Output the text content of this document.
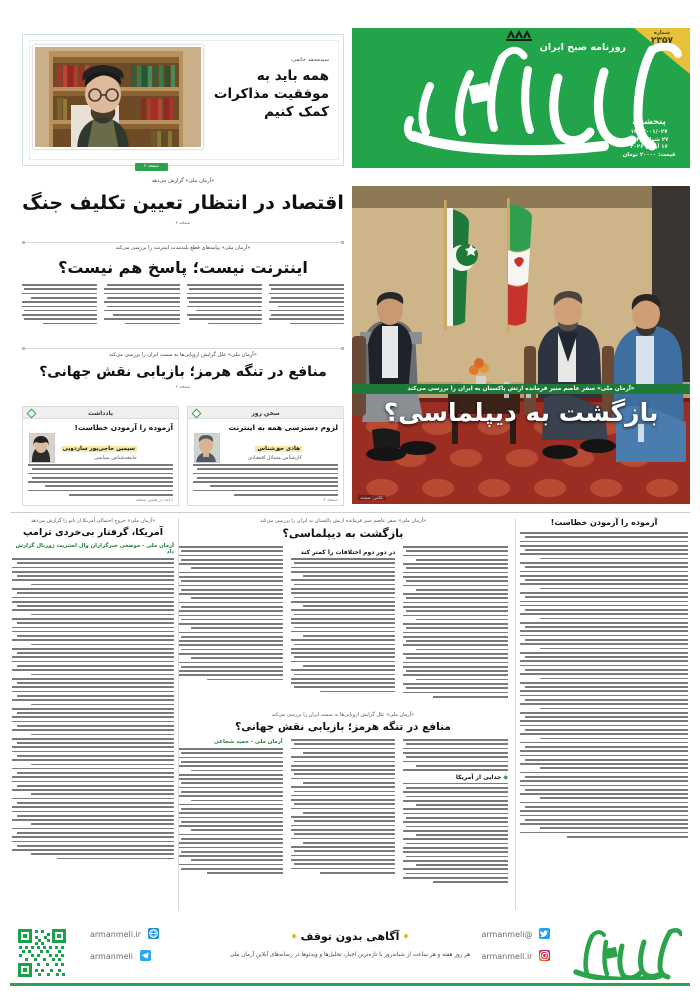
شماره
۲۳۵۷
روزنامه صبح ایران
پنجشنبه
۱۴۰۵/۰۰۱/۰۲۷
۲۷ شوال ۱۴۴۷
۱۶ آپریل ۲۰۲۶
قیمت: ۲۰۰۰۰ تومان
سیدمحمد خاتمی:
همه باید به موفقیت مذاکرات کمک کنیم
صفحه ۲
«آرمان ملی» گزارش می‌دهد
اقتصاد در انتظار تعیین تکلیف جنگ
صفحه ۳
«آرمان ملی» پیامدهای قطع بلندمدت اینترنت را بررسی می‌کند
اینترنت نیست؛ پاسخ هم نیست؟
«آرمان ملی» علل گرایش اروپایی‌ها به سمت ایران را بررسی می‌کند
منافع در تنگه هرمز؛ بازیابی نقش جهانی؟
صفحه ۲
سخن روز
لزوم دسترسی همه به اینترنت
هادی حق‌شناس
کارشناس مسائل اقتصادی
صفحه ۲
یادداشت
آزموده را آزمودن خطاست!
سیمین حاجی‌پور ساردویی
جامعه‌شناس سیاسی
ادامه در همین صفحه
«آرمان ملی» سفر عاصم منیر فرمانده ارتش پاکستان به ایران را بررسی می‌کند
بازگشت به دیپلماسی؟
عکس: صفحه
آزموده را آزمودن خطاست!
«آرمان ملی» سفر عاصم منیر فرمانده ارتش پاکستان به ایران را بررسی می‌کند
بازگشت به دیپلماسی؟
در دور دوم اختلافات را کمتر کند
«آرمان ملی» علل گرایش اروپایی‌ها به سمت ایران را بررسی می‌کند
منافع در تنگه هرمز؛ بازیابی نقش جهانی؟
◆ جدایی از آمریکا
آرمان ملی - حمید شجاعی
«آرمان ملی» خروج احتمالی آمریکا از ناتو را گزارش می‌دهد
آمریکا، گرفتار بی‌خردی ترامپ
آرمان ملی - موضعی خبرگزاران وال استریت ژورنال گزارش داد
@armanmeli
armanmeli.ir
◆ آگاهی بدون توقف ◆
هر روز هفته و هر ساعت از شبانه‌روز با تازه‌ترین اخبار، تحلیل‌ها و ویدئوها در رسانه‌های آنلاین آرمان ملی
armanmeli.ir
armanmeli
